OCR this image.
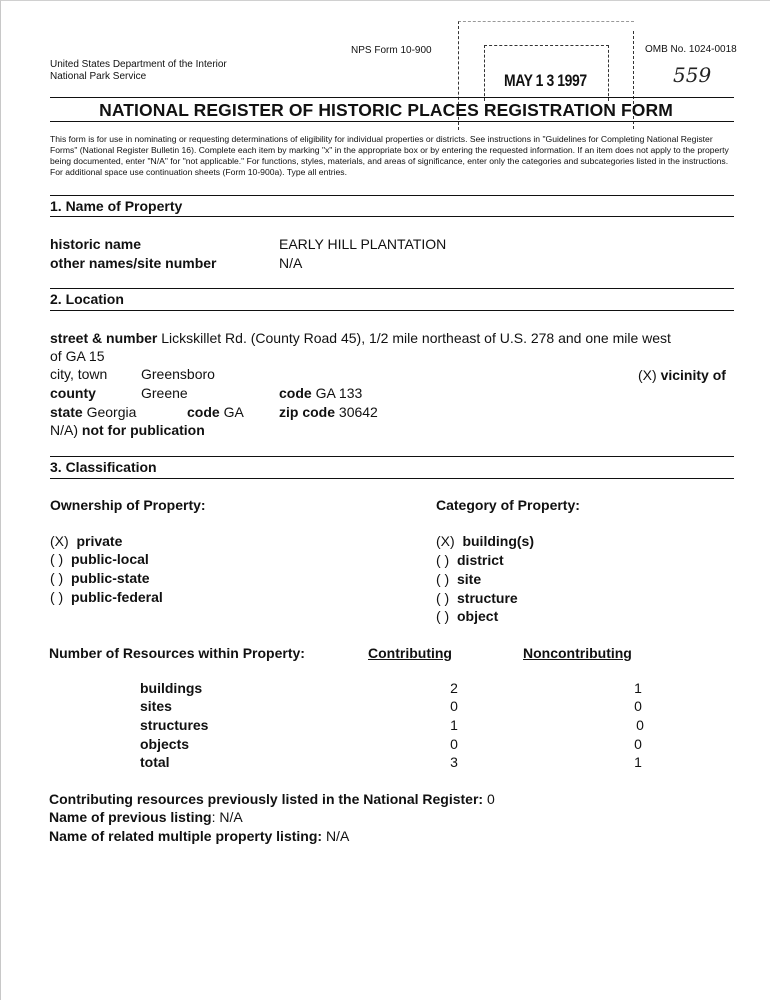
United States Department of the Interior
National Park Service
NPS Form 10-900	OMB No. 1024-0018
559
MAY 1 3 1997
NATIONAL REGISTER OF HISTORIC PLACES REGISTRATION FORM
This form is for use in nominating or requesting determinations of eligibility for individual properties or districts. See instructions in "Guidelines for Completing National Register Forms" (National Register Bulletin 16). Complete each item by marking "x" in the appropriate box or by entering the requested information. If an item does not apply to the property being documented, enter "N/A" for "not applicable." For functions, styles, materials, and areas of significance, enter only the categories and subcategories listed in the instructions. For additional space use continuation sheets (Form 10-900a). Type all entries.
1. Name of Property
historic name	EARLY HILL PLANTATION
other names/site number	N/A
2. Location
street & number Lickskillet Rd. (County Road 45), 1/2 mile northeast of U.S. 278 and one mile west
of GA 15
city, town Greensboro	(X) vicinity of
county	Greene	code GA 133
state Georgia	code GA	zip code 30642
N/A) not for publication
3. Classification
Ownership of Property:	Category of Property:
(X) private
( ) public-local
( ) public-state
( ) public-federal
(X) building(s)
( ) district
( ) site
( ) structure
( ) object
Number of Resources within Property:	Contributing	Noncontributing
buildings	2	1
sites	0	0
structures	1	0
objects	0	0
total	3	1
Contributing resources previously listed in the National Register: 0
Name of previous listing: N/A
Name of related multiple property listing: N/A
